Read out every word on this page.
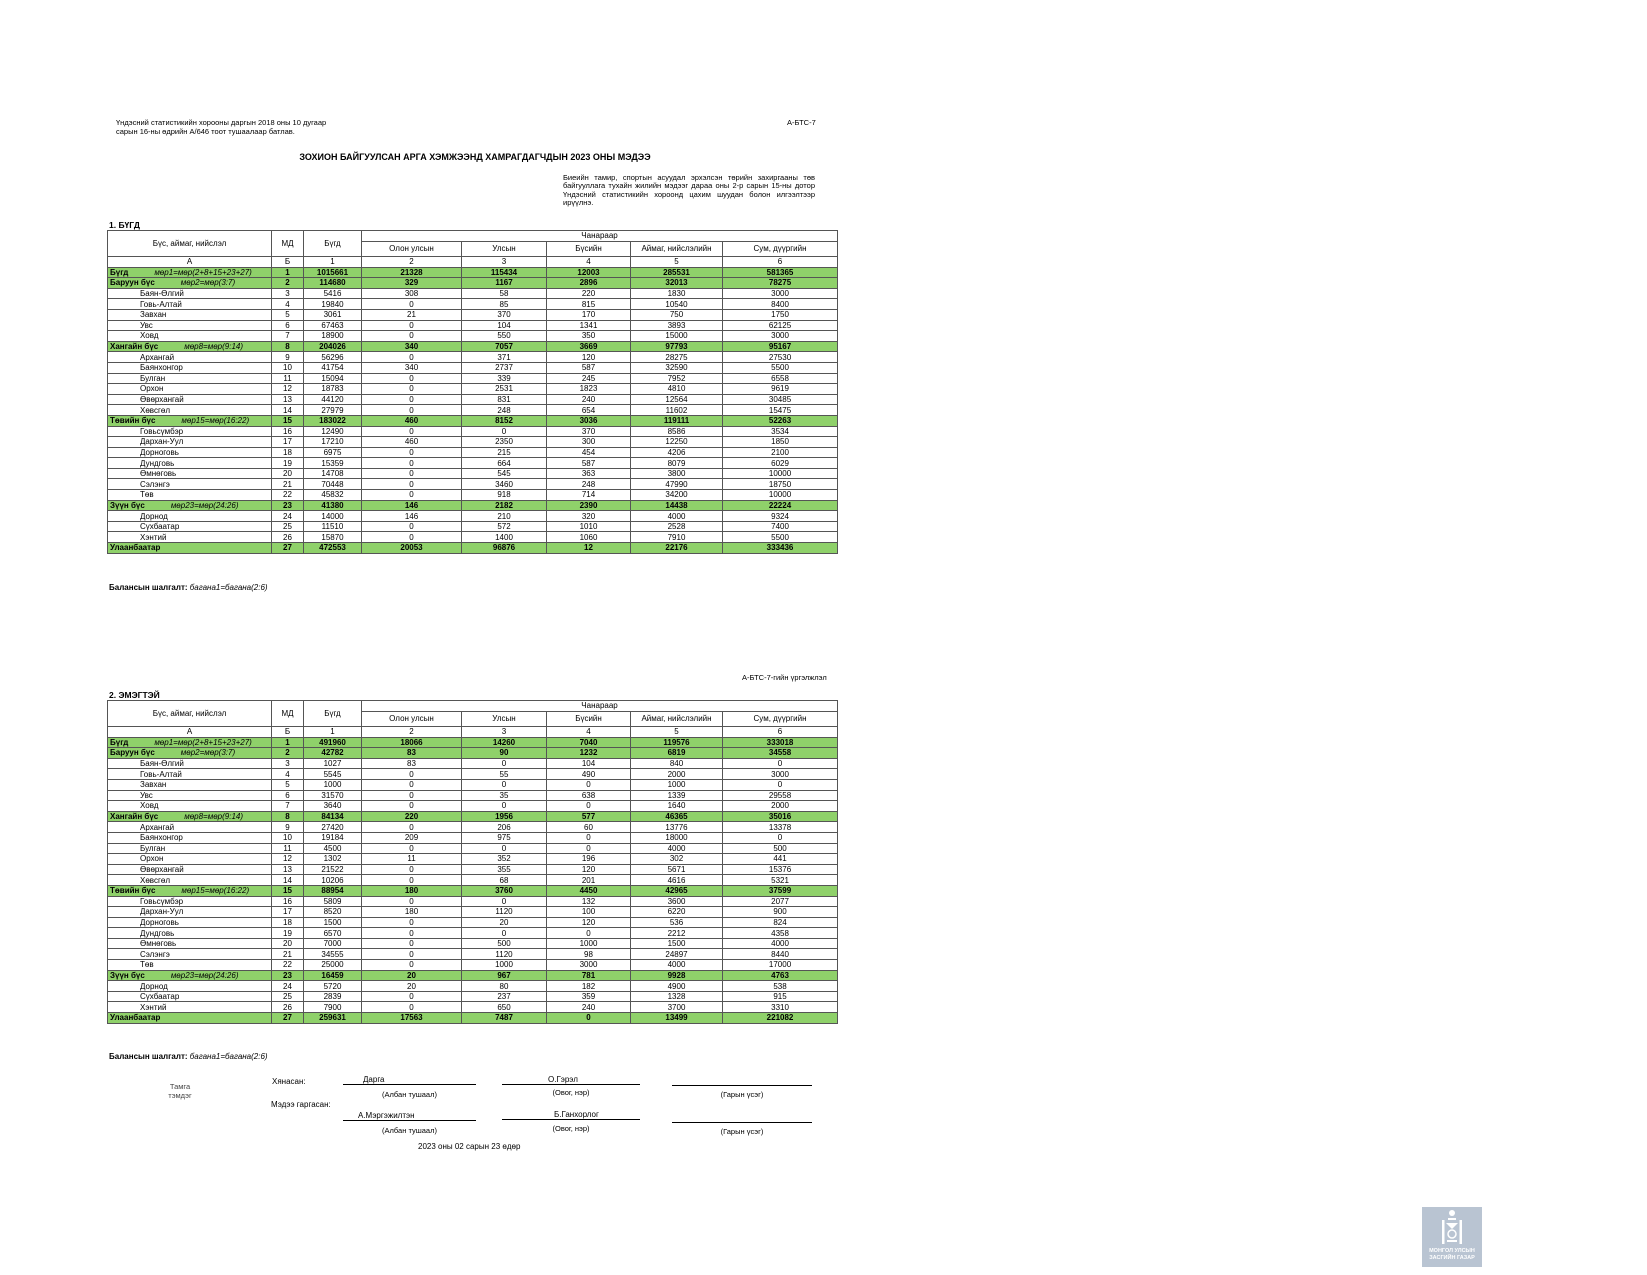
Үндэсний статистикийн хорооны даргын 2018 оны 10 дугаар сарын 16-ны өдрийн А/646 тоот тушаалаар батлав.
А-БТС-7
ЗОХИОН БАЙГУУЛСАН АРГА ХЭМЖЭЭНД ХАМРАГДАГЧДЫН 2023 ОНЫ МЭДЭЭ
Биеийн тамир, спортын асуудал эрхэлсэн төрийн захиргааны төв байгууллага тухайн жилийн мэдээг дараа оны 2-р сарын 15-ны дотор Үндэсний статистикийн хороонд цахим шуудан болон илгээлтээр ирүүлнэ.
1. БҮГД
Бүс, аймаг, нийслэл	МД	Бүгд	Чанараар				
			Олон улсын	Улсын	Бүсийн	Аймаг, нийслэлийн	Сум, дүүргийн
А	Б	1	2	3	4	5	6
Бүгд мөр1=мөр(2+8+15+23+27)	1	1015661	21328	115434	12003	285531	581365
Баруун бүс мөр2=мөр(3:7)	2	114680	329	1167	2896	32013	78275
Баян-Өлгий	3	5416	308	58	220	1830	3000
Говь-Алтай	4	19840	0	85	815	10540	8400
Завхан	5	3061	21	370	170	750	1750
Увс	6	67463	0	104	1341	3893	62125
Ховд	7	18900	0	550	350	15000	3000
Хангайн бүс мөр8=мөр(9:14)	8	204026	340	7057	3669	97793	95167
Архангай	9	56296	0	371	120	28275	27530
Баянхонгор	10	41754	340	2737	587	32590	5500
Булган	11	15094	0	339	245	7952	6558
Орхон	12	18783	0	2531	1823	4810	9619
Өвөрхангай	13	44120	0	831	240	12564	30485
Хөвсгөл	14	27979	0	248	654	11602	15475
Төвийн бүс мөр15=мөр(16:22)	15	183022	460	8152	3036	119111	52263
Говьсүмбэр	16	12490	0	0	370	8586	3534
Дархан-Уул	17	17210	460	2350	300	12250	1850
Дорноговь	18	6975	0	215	454	4206	2100
Дундговь	19	15359	0	664	587	8079	6029
Өмнөговь	20	14708	0	545	363	3800	10000
Сэлэнгэ	21	70448	0	3460	248	47990	18750
Төв	22	45832	0	918	714	34200	10000
Зүүн бүс мөр23=мөр(24:26)	23	41380	146	2182	2390	14438	22224
Дорнод	24	14000	146	210	320	4000	9324
Сүхбаатар	25	11510	0	572	1010	2528	7400
Хэнтий	26	15870	0	1400	1060	7910	5500
Улаанбаатар	27	472553	20053	96876	12	22176	333436
Балансын шалгалт: багана1=багана(2:6)
А-БТС-7-гийн үргэлжлэл
2. ЭМЭГТЭЙ
Бүс, аймаг, нийслэл	МД	Бүгд	Чанараар				
			Олон улсын	Улсын	Бүсийн	Аймаг, нийслэлийн	Сум, дүүргийн
А	Б	1	2	3	4	5	6
Бүгд мөр1=мөр(2+8+15+23+27)	1	491960	18066	14260	7040	119576	333018
Баруун бүс мөр2=мөр(3:7)	2	42782	83	90	1232	6819	34558
Баян-Өлгий	3	1027	83	0	104	840	0
Говь-Алтай	4	5545	0	55	490	2000	3000
Завхан	5	1000	0	0	0	1000	0
Увс	6	31570	0	35	638	1339	29558
Ховд	7	3640	0	0	0	1640	2000
Хангайн бүс мөр8=мөр(9:14)	8	84134	220	1956	577	46365	35016
Архангай	9	27420	0	206	60	13776	13378
Баянхонгор	10	19184	209	975	0	18000	0
Булган	11	4500	0	0	0	4000	500
Орхон	12	1302	11	352	196	302	441
Өвөрхангай	13	21522	0	355	120	5671	15376
Хөвсгөл	14	10206	0	68	201	4616	5321
Төвийн бүс мөр15=мөр(16:22)	15	88954	180	3760	4450	42965	37599
Говьсүмбэр	16	5809	0	0	132	3600	2077
Дархан-Уул	17	8520	180	1120	100	6220	900
Дорноговь	18	1500	0	20	120	536	824
Дундговь	19	6570	0	0	0	2212	4358
Өмнөговь	20	7000	0	500	1000	1500	4000
Сэлэнгэ	21	34555	0	1120	98	24897	8440
Төв	22	25000	0	1000	3000	4000	17000
Зүүн бүс мөр23=мөр(24:26)	23	16459	20	967	781	9928	4763
Дорнод	24	5720	20	80	182	4900	538
Сүхбаатар	25	2839	0	237	359	1328	915
Хэнтий	26	7900	0	650	240	3700	3310
Улаанбаатар	27	259631	17563	7487	0	13499	221082
Балансын шалгалт: багана1=багана(2:6)
Тамга тэмдэг
Хянасан:	Дарга	О.Гэрэл
(Албан тушаал)	(Овог, нэр)	(Гарын үсэг)
Мэдээ гаргасан:
А.Мэргэжилтэн	Б.Ганхорлог
(Албан тушаал)	(Овог, нэр)	(Гарын үсэг)
2023 оны 02 сарын 23 өдөр
МОНГОЛ УЛСЫН
ЗАСГИЙН ГАЗАР
